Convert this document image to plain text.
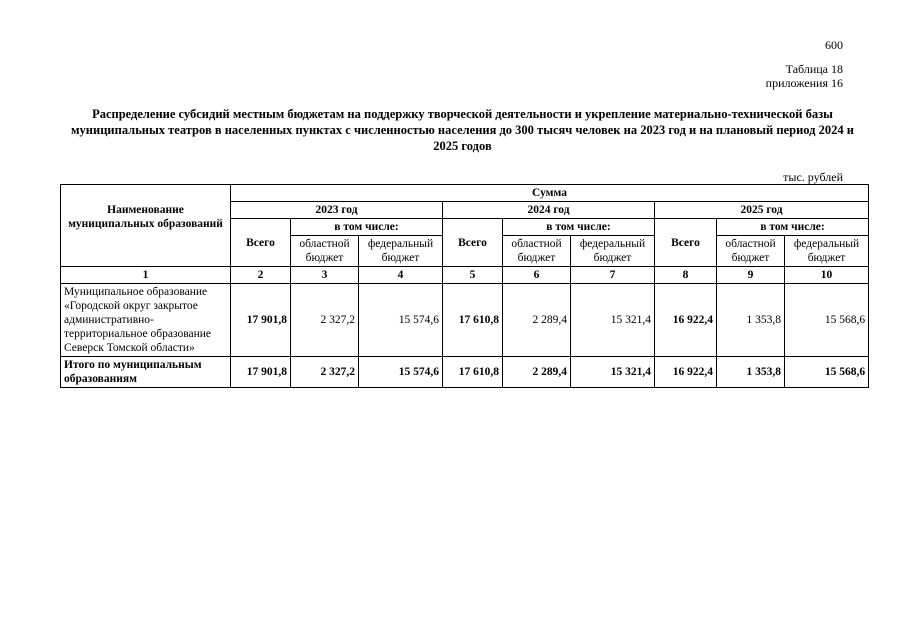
600
Таблица 18
приложения 16
Распределение субсидий местным бюджетам на поддержку творческой деятельности и укрепление материально-технической базы муниципальных театров в населенных пунктах с численностью населения до 300 тысяч человек на 2023 год и на плановый период 2024 и 2025 годов
тыс. рублей
Наименование муниципальных образований	Сумма								
	2023 год			2024 год			2025 год		
	Всего	в том числе:		Всего	в том числе:		Всего	в том числе:	
		областной бюджет	федеральный бюджет		областной бюджет	федеральный бюджет		областной бюджет	федеральный бюджет
1	2	3	4	5	6	7	8	9	10
Муниципальное образование «Городской округ закрытое административно-территориальное образование Северск Томской области»	17 901,8	2 327,2	15 574,6	17 610,8	2 289,4	15 321,4	16 922,4	1 353,8	15 568,6
Итого по муниципальным образованиям	17 901,8	2 327,2	15 574,6	17 610,8	2 289,4	15 321,4	16 922,4	1 353,8	15 568,6
